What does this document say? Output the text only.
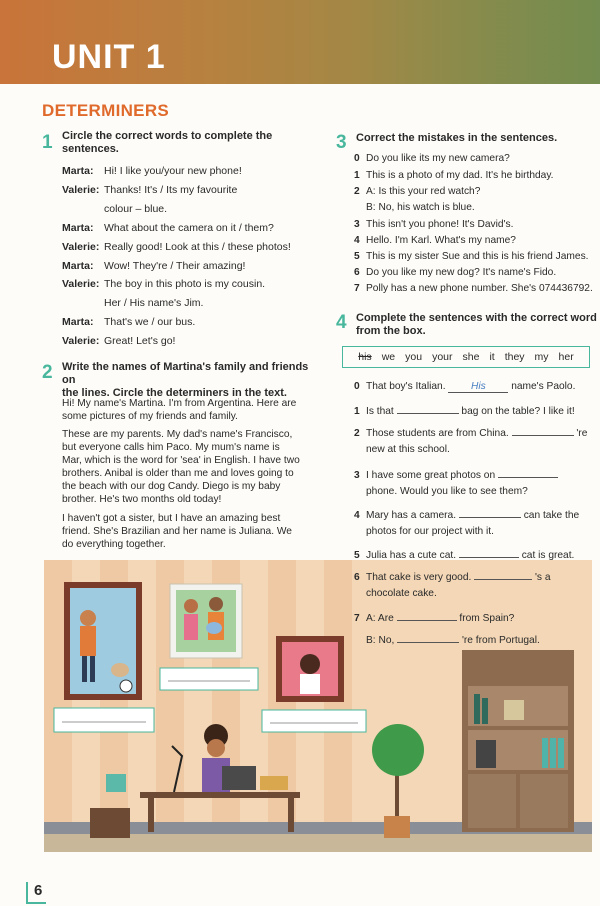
UNIT 1
DETERMINERS
1 Circle the correct words to complete the
sentences.
Marta: Hi! I like you/your new phone!
Valerie: Thanks! It's / Its my favourite
colour – blue.
Marta: What about the camera on it / them?
Valerie: Really good! Look at this / these photos!
Marta: Wow! They're / Their amazing!
Valerie: The boy in this photo is my cousin.
Her / His name's Jim.
Marta: That's we / our bus.
Valerie: Great! Let's go!
2 Write the names of Martina's family and friends on
the lines. Circle the determiners in the text.
Hi! My name's Martina. I'm from Argentina. Here are some pictures of my friends and family.
These are my parents. My dad's name's Francisco, but everyone calls him Paco. My mum's name is Mar, which is the word for 'sea' in English. I have two brothers. Anibal is older than me and loves going to the beach with our dog Candy. Diego is my baby brother. He's two months old today!
I haven't got a sister, but I have an amazing best friend. She's Brazilian and her name is Juliana. We do everything together.
3 Correct the mistakes in the sentences.
0 Do you like its my new camera?
1 This is a photo of my dad. It's he birthday.
2 A: Is this your red watch?
B: No, his watch is blue.
3 This isn't you phone! It's David's.
4 Hello. I'm Karl. What's my name?
5 This is my sister Sue and this is his friend James.
6 Do you like my new dog? It's name's Fido.
7 Polly has a new phone number. She's 074436792.
4 Complete the sentences with the correct word
from the box.
his we you your she it they my her
6
0 That boy's Italian. His name's Paolo.
1 Is that	bag on the table? I like it!
2 Those students are from China.	're
new at this school.
3 I have some great photos on
phone. Would you like to see them?
4 Mary has a camera.	can take the
photos for our project with it.
5 Julia has a cute cat.	cat is great.
6 That cake is very good.	's a
chocolate cake.
7 A: Are	from Spain?
B: No,	're from Portugal.
